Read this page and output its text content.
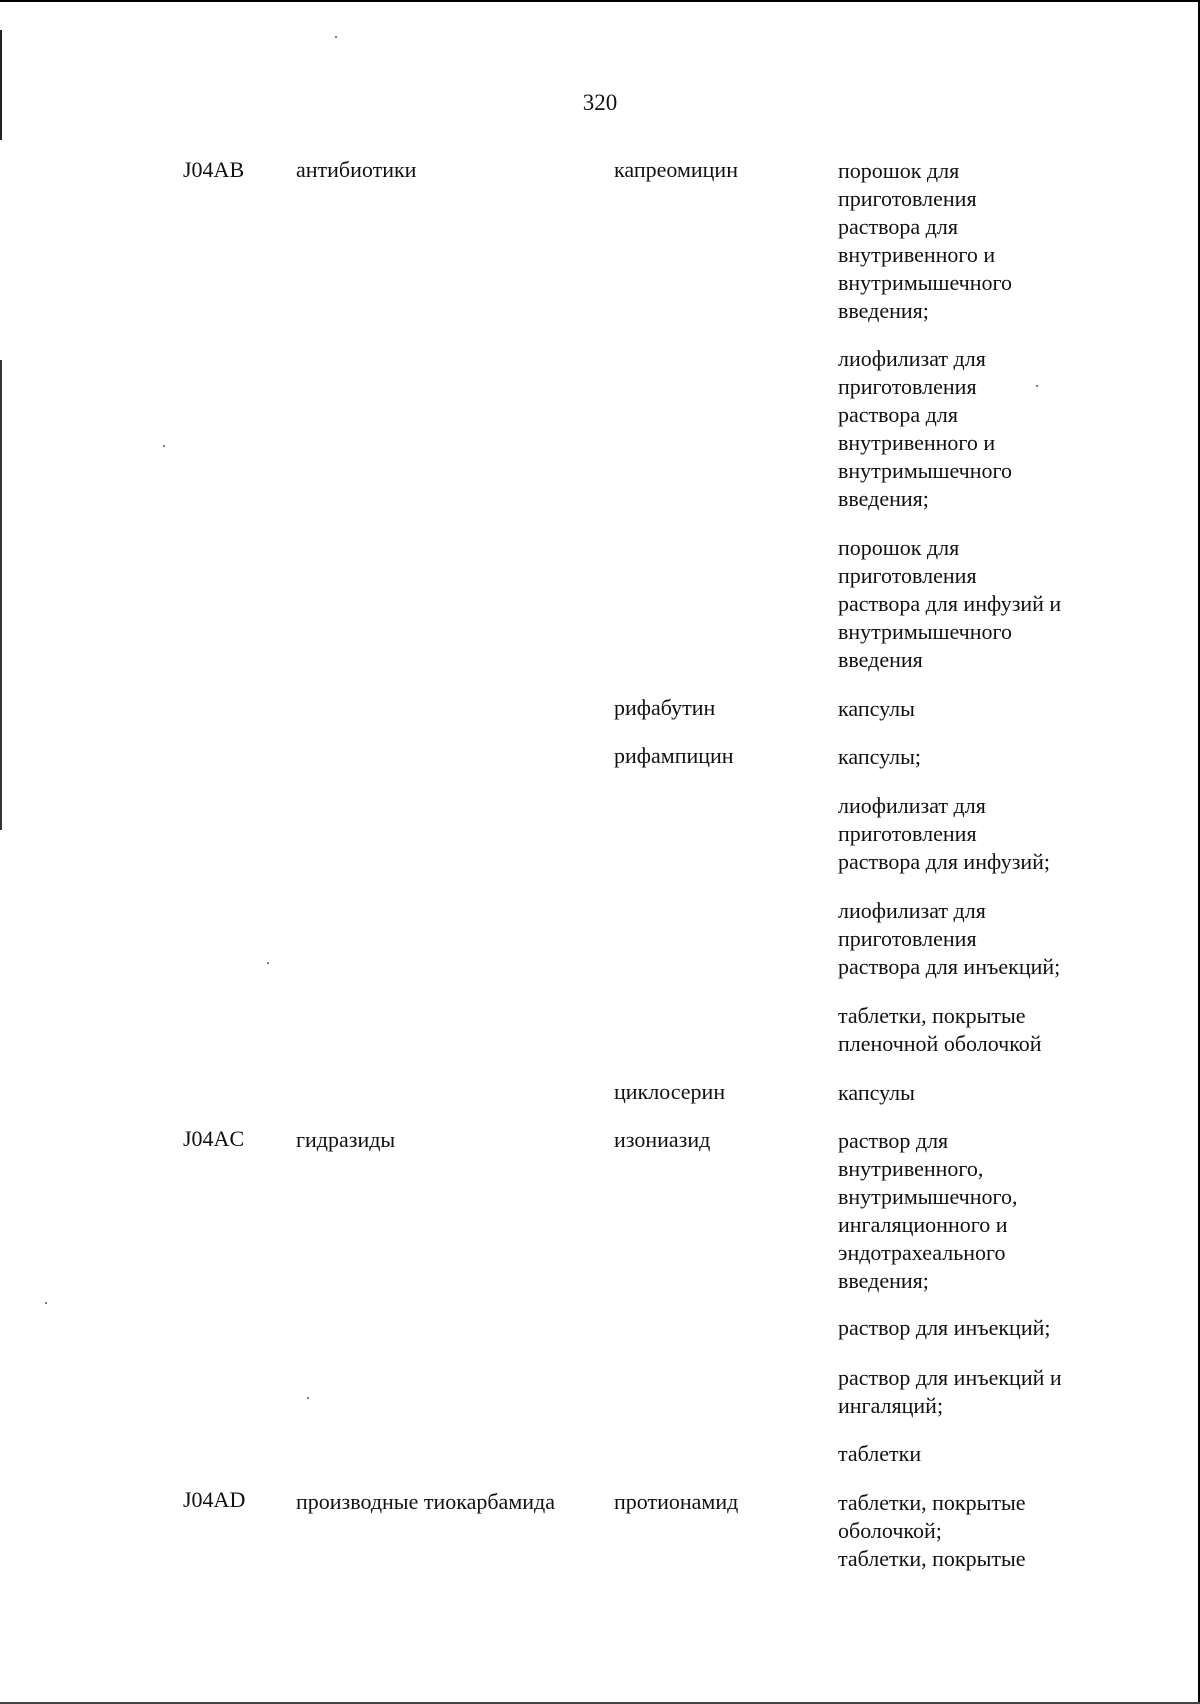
320
J04AB антибиотики	капреомицин	порошок для
приготовления
раствора для
внутривенного и
внутримышечного
введения;
лиофилизат для
приготовления
раствора для
внутривенного и
внутримышечного
введения;
порошок для
приготовления
раствора для инфузий и
внутримышечного
введения
рифабутин	капсулы
рифампицин	капсулы;
лиофилизат для
приготовления
раствора для инфузий;
лиофилизат для
приготовления
раствора для инъекций;
таблетки, покрытые
пленочной оболочкой
циклосерин	капсулы
J04AC гидразиды	изониазид	раствор для
внутривенного,
внутримышечного,
ингаляционного и
эндотрахеального
введения;
раствор для инъекций;
раствор для инъекций и
ингаляций;
таблетки
J04AD производные тиокарбамида	протионамид	таблетки, покрытые
оболочкой;
таблетки, покрытые
